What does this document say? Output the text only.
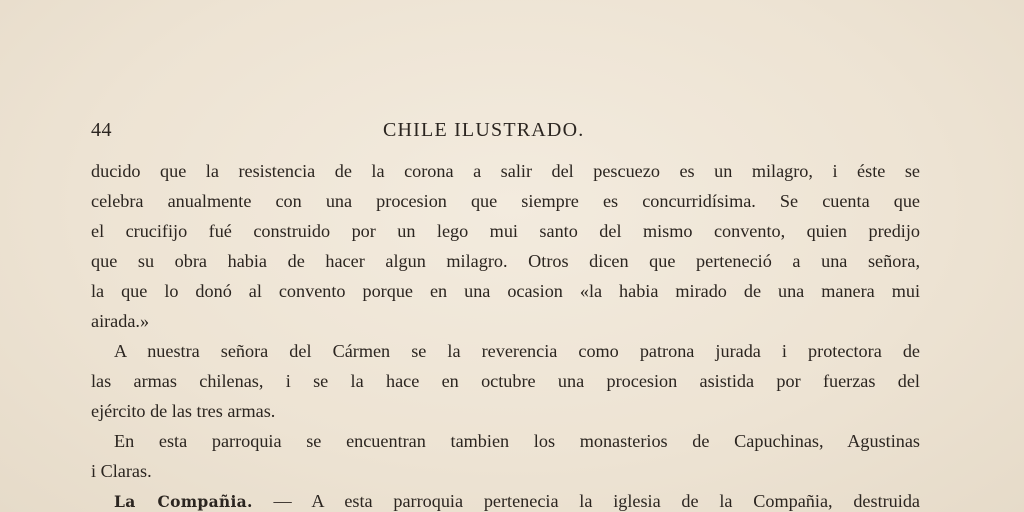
44	CHILE ILUSTRADO.
ducido que la resistencia de la corona a salir del pescuezo es un milagro, i éste se
celebra anualmente con una procesion que siempre es concurridísima. Se cuenta que
el crucifijo fué construido por un lego mui santo del mismo convento, quien predijo
que su obra habia de hacer algun milagro. Otros dicen que perteneció a una señora,
la que lo donó al convento porque en una ocasion «la habia mirado de una manera mui
airada.»
A nuestra señora del Cármen se la reverencia como patrona jurada i protectora de
las armas chilenas, i se la hace en octubre una procesion asistida por fuerzas del
ejército de las tres armas.
En esta parroquia se encuentran tambien los monasterios de Capuchinas, Agustinas
i Claras.
La Compañia. — A esta parroquia pertenecia la iglesia de la Compañia, destruida
